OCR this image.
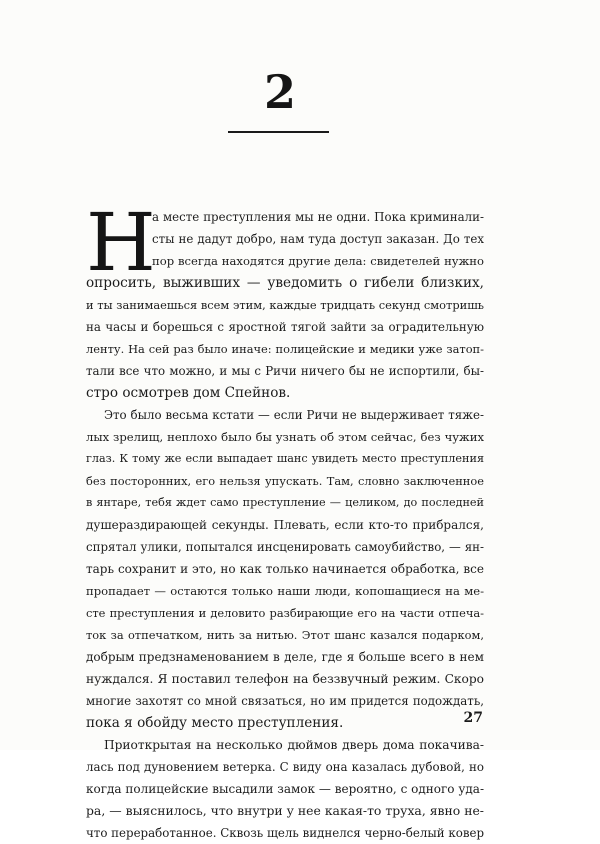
2
Н
а месте преступления мы не одни. Пока криминали-
сты не дадут добро, нам туда доступ заказан. До тех
пор всегда находятся другие дела: свидетелей нужно
опросить, выживших — уведомить о гибели близких,
и ты занимаешься всем этим, каждые тридцать секунд смотришь
на часы и борешься с яростной тягой зайти за оградительную
ленту. На сей раз было иначе: полицейские и медики уже затоп-
тали все что можно, и мы с Ричи ничего бы не испортили, бы-
стро осмотрев дом Спейнов.
Это было весьма кстати — если Ричи не выдерживает тяже-
лых зрелищ, неплохо было бы узнать об этом сейчас, без чужих
глаз. К тому же если выпадает шанс увидеть место преступления
без посторонних, его нельзя упускать. Там, словно заключенное
в янтаре, тебя ждет само преступление — целиком, до последней
душераздирающей секунды. Плевать, если кто-то прибрался,
спрятал улики, попытался инсценировать самоубийство, — ян-
тарь сохранит и это, но как только начинается обработка, все
пропадает — остаются только наши люди, копошащиеся на ме-
сте преступления и деловито разбирающие его на части отпеча-
ток за отпечатком, нить за нитью. Этот шанс казался подарком,
добрым предзнаменованием в деле, где я больше всего в нем
нуждался. Я поставил телефон на беззвучный режим. Скоро
многие захотят со мной связаться, но им придется подождать,
пока я обойду место преступления.
Приоткрытая на несколько дюймов дверь дома покачива-
лась под дуновением ветерка. С виду она казалась дубовой, но
когда полицейские высадили замок — вероятно, с одного уда-
ра, — выяснилось, что внутри у нее какая-то труха, явно не-
что переработанное. Сквозь щель виднелся черно-белый ковер
27
